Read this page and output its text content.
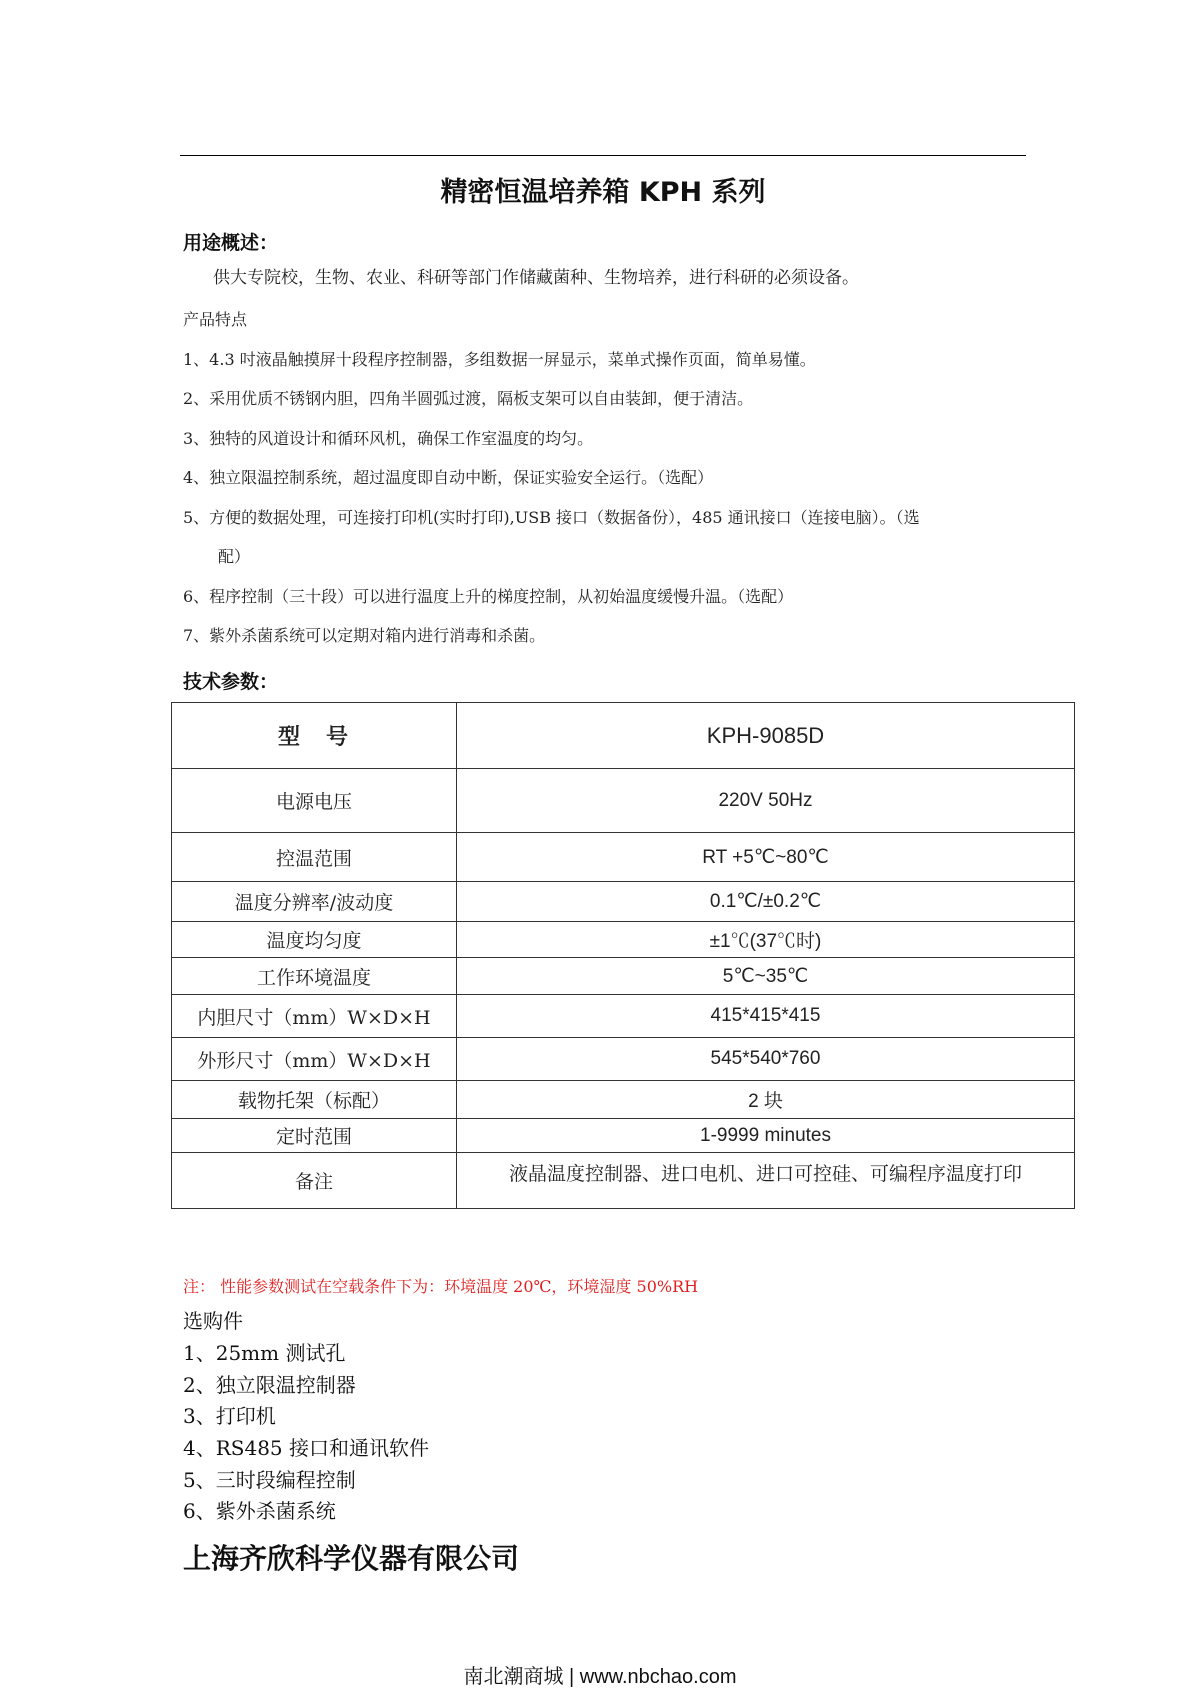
精密恒温培养箱 KPH 系列
用途概述：
供大专院校，生物、农业、科研等部门作储藏菌种、生物培养，进行科研的必须设备。
产品特点
1、4.3 吋液晶触摸屏十段程序控制器，多组数据一屏显示，菜单式操作页面，简单易懂。
2、采用优质不锈钢内胆，四角半圆弧过渡，隔板支架可以自由装卸，便于清洁。
3、独特的风道设计和循环风机，确保工作室温度的均匀。
4、独立限温控制系统，超过温度即自动中断，保证实验安全运行。（选配）
5、方便的数据处理，可连接打印机(实时打印),USB 接口（数据备份），485 通讯接口（连接电脑）。（选
配）
6、程序控制（三十段）可以进行温度上升的梯度控制，从初始温度缓慢升温。（选配）
7、紫外杀菌系统可以定期对箱内进行消毒和杀菌。
技术参数：
型　号	KPH-9085D
电源电压	220V 50Hz
控温范围	RT +5℃~80℃
温度分辨率/波动度	0.1℃/±0.2℃
温度均匀度	±1℃(37℃时)
工作环境温度	5℃~35℃
内胆尺寸（mm）W×D×H	415*415*415
外形尺寸（mm）W×D×H	545*540*760
载物托架（标配）	2 块
定时范围	1-9999 minutes
备注	液晶温度控制器、进口电机、进口可控硅、可编程序温度打印
注： 性能参数测试在空载条件下为：环境温度 20℃，环境湿度 50%RH
选购件
1、25mm 测试孔
2、独立限温控制器
3、打印机
4、RS485 接口和通讯软件
5、三时段编程控制
6、紫外杀菌系统
上海齐欣科学仪器有限公司
南北潮商城 | www.nbchao.com
